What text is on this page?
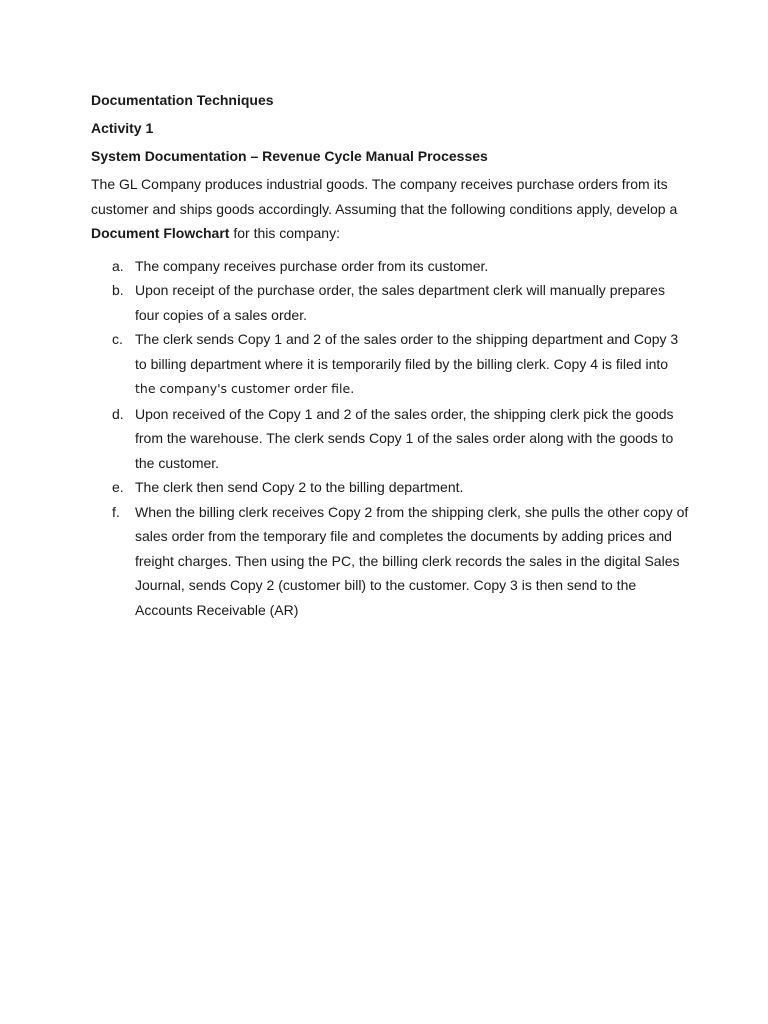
Documentation Techniques
Activity 1
System Documentation – Revenue Cycle Manual Processes

The GL Company produces industrial goods. The company receives purchase orders from its customer and ships goods accordingly. Assuming that the following conditions apply, develop a Document Flowchart for this company:

a. The company receives purchase order from its customer.
b. Upon receipt of the purchase order, the sales department clerk will manually prepares four copies of a sales order.
c. The clerk sends Copy 1 and 2 of the sales order to the shipping department and Copy 3 to billing department where it is temporarily filed by the billing clerk. Copy 4 is filed into the company's customer order file.
d. Upon received of the Copy 1 and 2 of the sales order, the shipping clerk pick the goods from the warehouse. The clerk sends Copy 1 of the sales order along with the goods to the customer.
e. The clerk then send Copy 2 to the billing department.
f. When the billing clerk receives Copy 2 from the shipping clerk, she pulls the other copy of sales order from the temporary file and completes the documents by adding prices and freight charges. Then using the PC, the billing clerk records the sales in the digital Sales Journal, sends Copy 2 (customer bill) to the customer. Copy 3 is then send to the Accounts Receivable (AR)
